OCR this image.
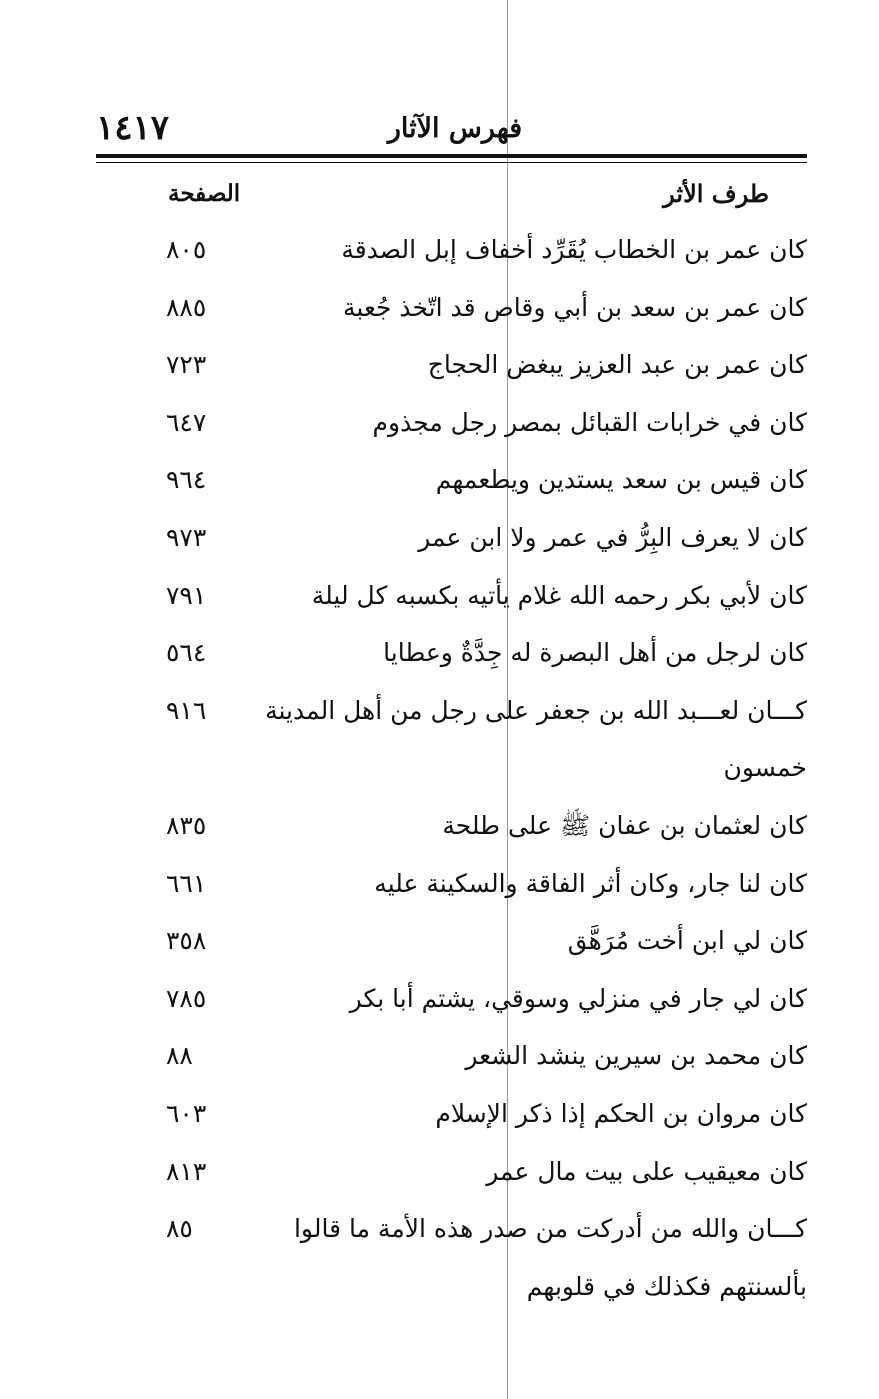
١٤١٧	فهرس الآثار
الصفحة	طرف الأثر
كان عمر بن الخطاب يُقَرِّد أخفاف إبل الصدقة
٨٠٥
كان عمر بن سعد بن أبي وقاص قد اتّخذ جُعبة
٨٨٥
كان عمر بن عبد العزيز يبغض الحجاج
٧٢٣
كان في خرابات القبائل بمصر رجل مجذوم
٦٤٧
كان قيس بن سعد يستدين ويطعمهم
٩٦٤
كان لا يعرف البِرُّ في عمر ولا ابن عمر
٩٧٣
كان لأبي بكر رحمه الله غلام يأتيه بكسبه كل ليلة
٧٩١
كان لرجل من أهل البصرة له جِدَّةٌ وعطايا
٥٦٤
كـــان لعـــبد الله بن جعفر على رجل من أهل المدينة
٩١٦
خمسون
كان لعثمان بن عفان ﷺ على طلحة
٨٣٥
كان لنا جار، وكان أثر الفاقة والسكينة عليه
٦٦١
كان لي ابن أخت مُرَهَّق
٣٥٨
كان لي جار في منزلي وسوقي، يشتم أبا بكر
٧٨٥
كان محمد بن سيرين ينشد الشعر
٨٨
كان مروان بن الحكم إذا ذكر الإسلام
٦٠٣
كان معيقيب على بيت مال عمر
٨١٣
كـــان والله من أدركت من صدر هذه الأمة ما قالوا
٨٥
بألسنتهم فكذلك في قلوبهم
